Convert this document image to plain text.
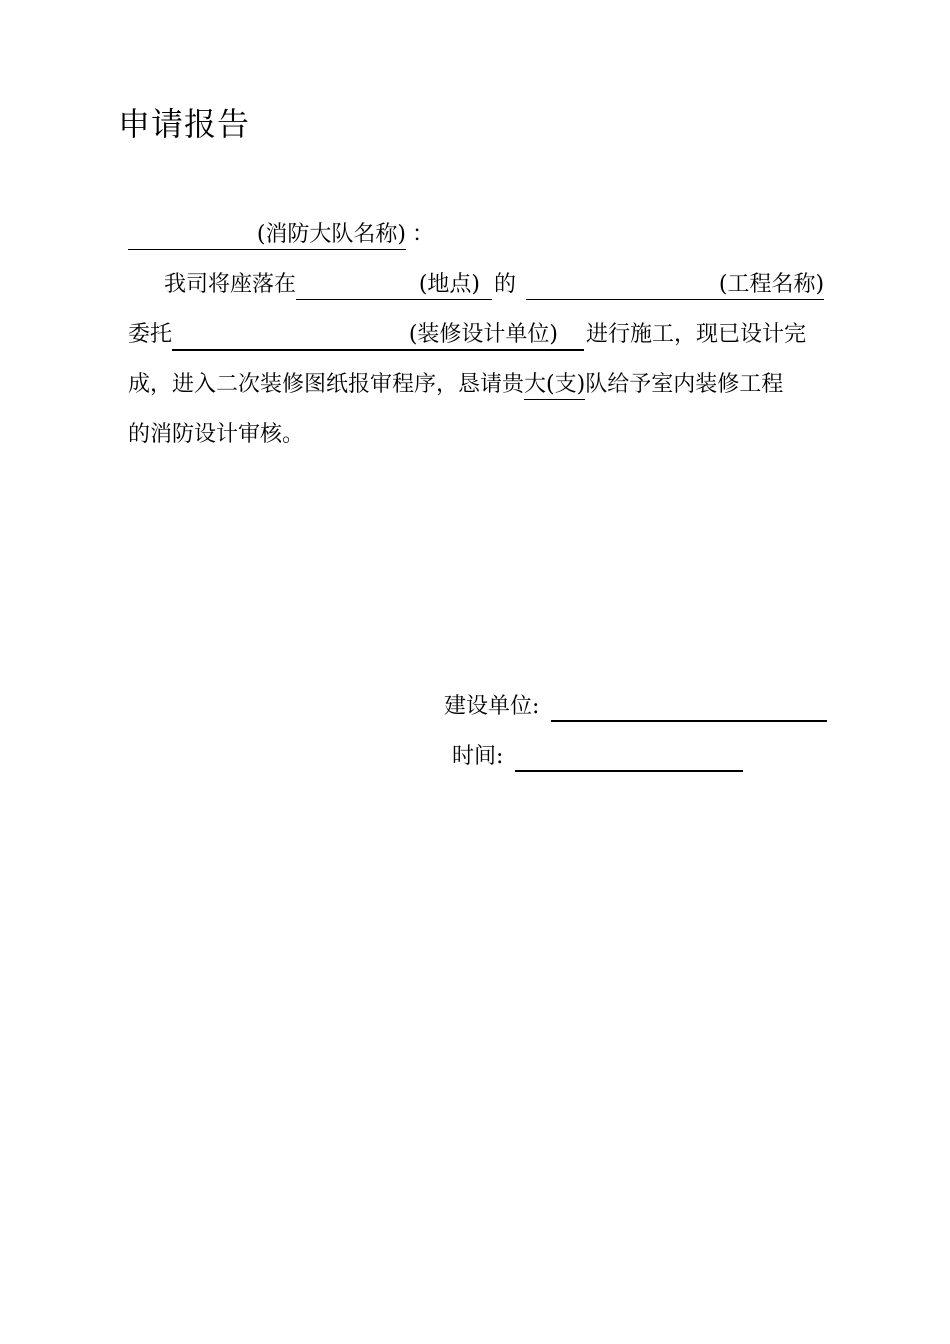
申请报告
(消防大队名称) ：
我司将座落在	(地点) 的	(工程名称)
委托	(装修设计单位) 进行施工，现已设计完
成，进入二次装修图纸报审程序，恳请贵大(支)队给予室内装修工程
的消防设计审核。
建设单位:
时间:
